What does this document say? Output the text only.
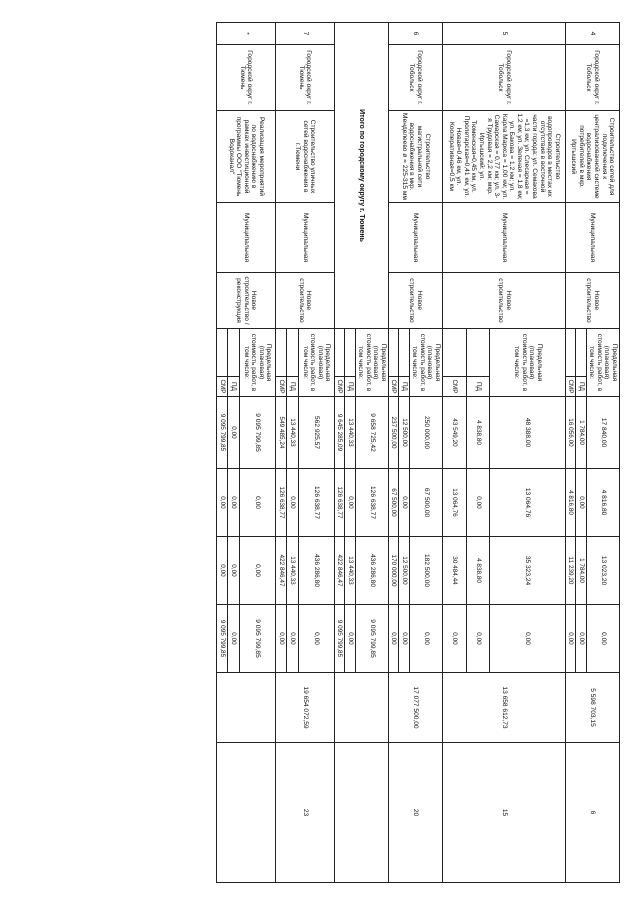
4	Городской округ г. Тобольск	Строительство сетей для подключения к централизованной системе водоснабжения потребителей в мкр. Иртышский	Муниципальная	Новое строительство	Предельная (плановая) стоимость работ, в том числе:		17 840,00	4 816,80	13 023,20	0,00	5 598 703,15	6
						ПД	1 784,00	0,00	1 784,00	0,00		
						СМР	16 056,00	4 816,80	11 239,20	0,00		
5	Городской округ г. Тобольск	Строительство водопроводов в местах их отсутствия в восточной части города: ул. Семакова =1,3 км; ул. Слесарная = 1,2 км; ул. Зеленая = 1,8 км; ул. Бакова = 1,2 км; ул. Карла Маркса = 1,00 км; ул. Самарская = 0,77 км; ул. 3-я Трудовая = 2,2 км; мкр. Иртышский: ул. Тюменская=0,45 км, ул. Пролетарская=0,41 км, ул. Новая=0,46 км, ул. Кооперативная=0,5 км	Муниципальная	Новое строительство	Предельная (плановая) стоимость работ, в том числе:		48 388,00	13 064,76	35 323,24	0,00	13 658 612,73	15
						ПД	4 838,80	0,00	4 838,80	0,00		
						СМР	43 549,20	13 064,76	30 484,44	0,00		
6	Городской округ г. Тобольск	Строительство магистральной сети водоснабжения в мкр. Менделеево ø = 225-315 мм	Муниципальная	Новое строительство	Предельная (плановая) стоимость работ, в том числе:		250 000,00	67 500,00	182 500,00	0,00	17 077 500,00	20
						ПД	12 500,00	0,00	12 500,00	0,00		
						СМР	237 500,00	67 500,00	170 000,00	0,00		
Итого по городскому округу г. Тюмень					Предельная (плановая) стоимость работ, в том числе:		9 658 725,42	126 638,77	436 286,80	9 095 799,85		
						ПД	13 440,33	0,00	13 440,33	0,00		
						СМР	9 645 285,09	126 638,77	422 846,47	9 095 799,85		
7	Городской округ г. Тюмень	Строительство уличных сетей водоснабжения в г.Тюмени	Муниципальная	Новое строительство	Предельная (плановая) стоимость работ, в том числе:		562 925,57	126 638,77	436 286,80	0,00	19 654 072,59	23
						ПД	13 440,33	0,00	13 440,33	0,00		
						СМР	549 485,24	126 638,77	422 846,47	0,00		
*	Городской округ г. Тюмень	Реализация мероприятий по водоснабжению в рамках инвестиционной программы ООО "Тюмень Водоканал"	Муниципальная	Новое строительство / реконструкция	Предельная (плановая) стоимость работ, в том числе:		9 095 799,85	0,00	0,00	9 095 799,85		
						ПД	0,00	0,00	0,00	0,00		
						СМР	9 095 799,85	0,00	0,00	9 095 799,85		
